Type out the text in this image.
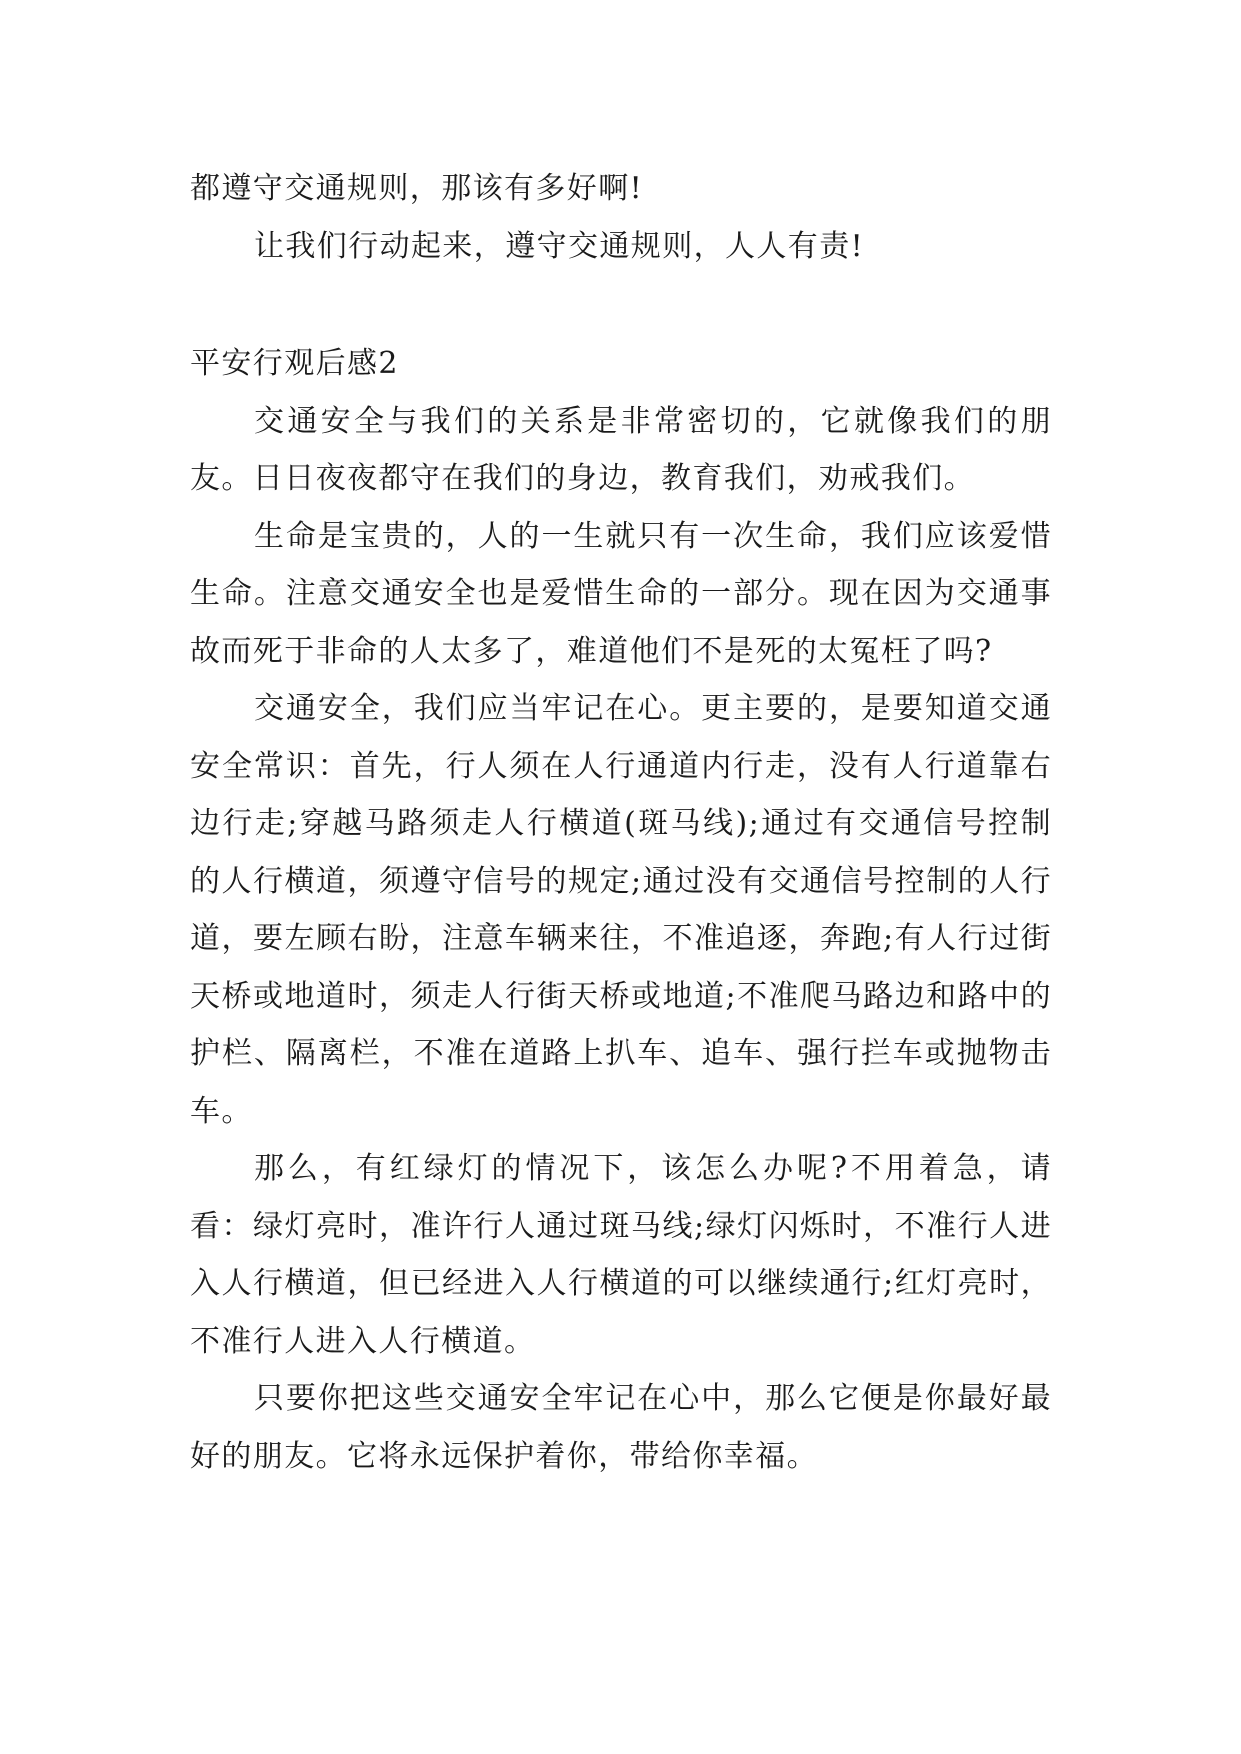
都遵守交通规则，那该有多好啊!

让我们行动起来，遵守交通规则，人人有责!

平安行观后感2

交通安全与我们的关系是非常密切的，它就像我们的朋友。日日夜夜都守在我们的身边，教育我们，劝戒我们。

生命是宝贵的，人的一生就只有一次生命，我们应该爱惜生命。注意交通安全也是爱惜生命的一部分。现在因为交通事故而死于非命的人太多了，难道他们不是死的太冤枉了吗?

交通安全，我们应当牢记在心。更主要的，是要知道交通安全常识：首先，行人须在人行通道内行走，没有人行道靠右边行走;穿越马路须走人行横道(斑马线);通过有交通信号控制的人行横道，须遵守信号的规定;通过没有交通信号控制的人行道，要左顾右盼，注意车辆来往，不准追逐，奔跑;有人行过街天桥或地道时，须走人行街天桥或地道;不准爬马路边和路中的护栏、隔离栏，不准在道路上扒车、追车、强行拦车或抛物击车。

那么，有红绿灯的情况下，该怎么办呢?不用着急，请看：绿灯亮时，准许行人通过斑马线;绿灯闪烁时，不准行人进入人行横道，但已经进入人行横道的可以继续通行;红灯亮时，不准行人进入人行横道。

只要你把这些交通安全牢记在心中，那么它便是你最好最好的朋友。它将永远保护着你，带给你幸福。
